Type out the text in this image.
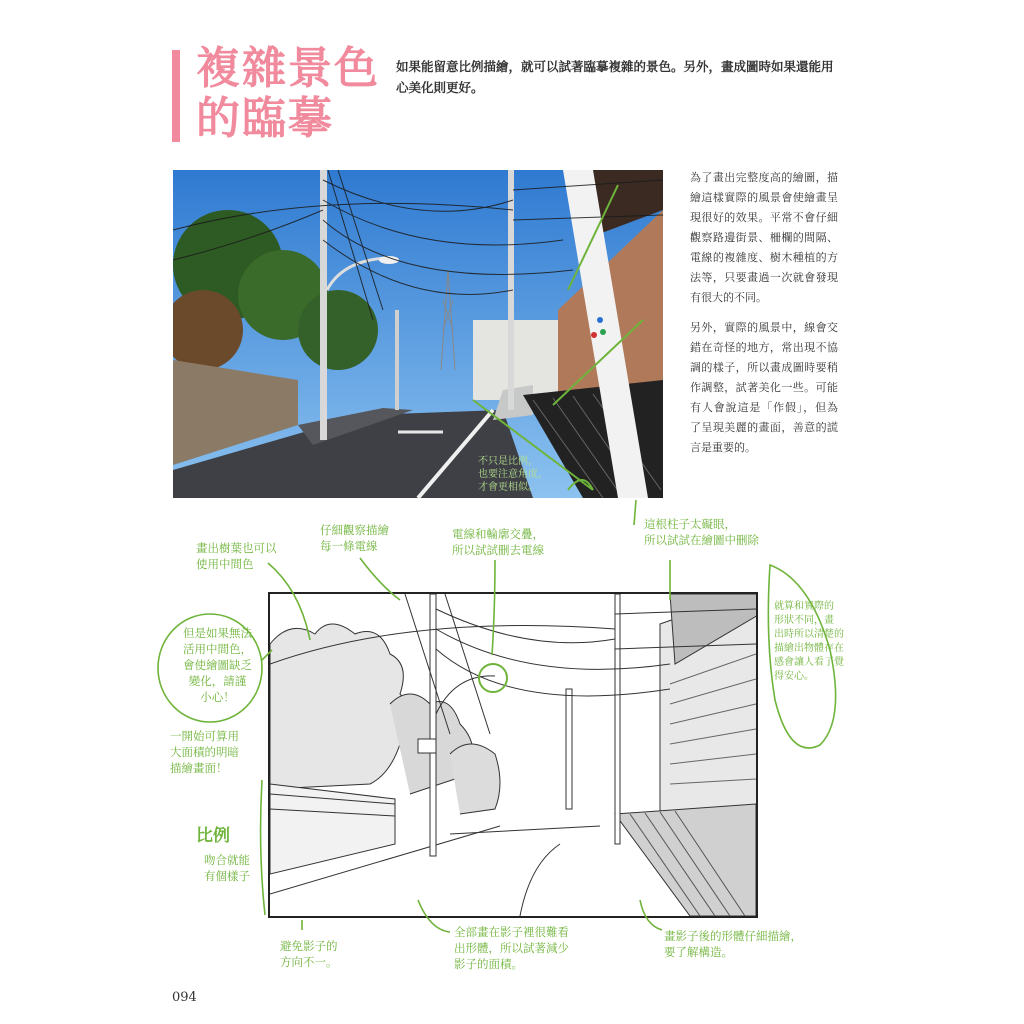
複雜景色
的臨摹
如果能留意比例描繪，就可以試著臨摹複雜的景色。另外，畫成圖時如果還能用心美化則更好。
不只是比例，
也要注意角度，
才會更相似。

為了畫出完整度高的繪圖，描繪這樣實際的風景會使繪畫呈現很好的效果。平常不會仔細觀察路邊街景、柵欄的間隔、電線的複雜度、樹木種植的方法等，只要畫過一次就會發現有很大的不同。

另外，實際的風景中，線會交錯在奇怪的地方，常出現不協調的樣子，所以畫成圖時要稍作調整，試著美化一些。可能有人會說這是「作假」，但為了呈現美麗的畫面，善意的謊言是重要的。

畫出樹葉也可以
使用中間色
仔細觀察描繪
每一條電線
電線和輪廓交疊，
所以試試刪去電線
這根柱子太礙眼，
所以試試在繪圖中刪除
但是如果無法
活用中間色，
會使繪圖缺乏
變化，請謹
小心！
一開始可算用
大面積的明暗
描繪畫面！
比例
吻合就能
有個樣子
就算和實際的
形狀不同，畫
出時所以清楚的
描繪出物體存在
感會讓人看了覺得安心。
避免影子的
方向不一。
全部畫在影子裡很難看
出形體，所以試著減少
影子的面積。
畫影子後的形體仔細描繪，
要了解構造。
094
